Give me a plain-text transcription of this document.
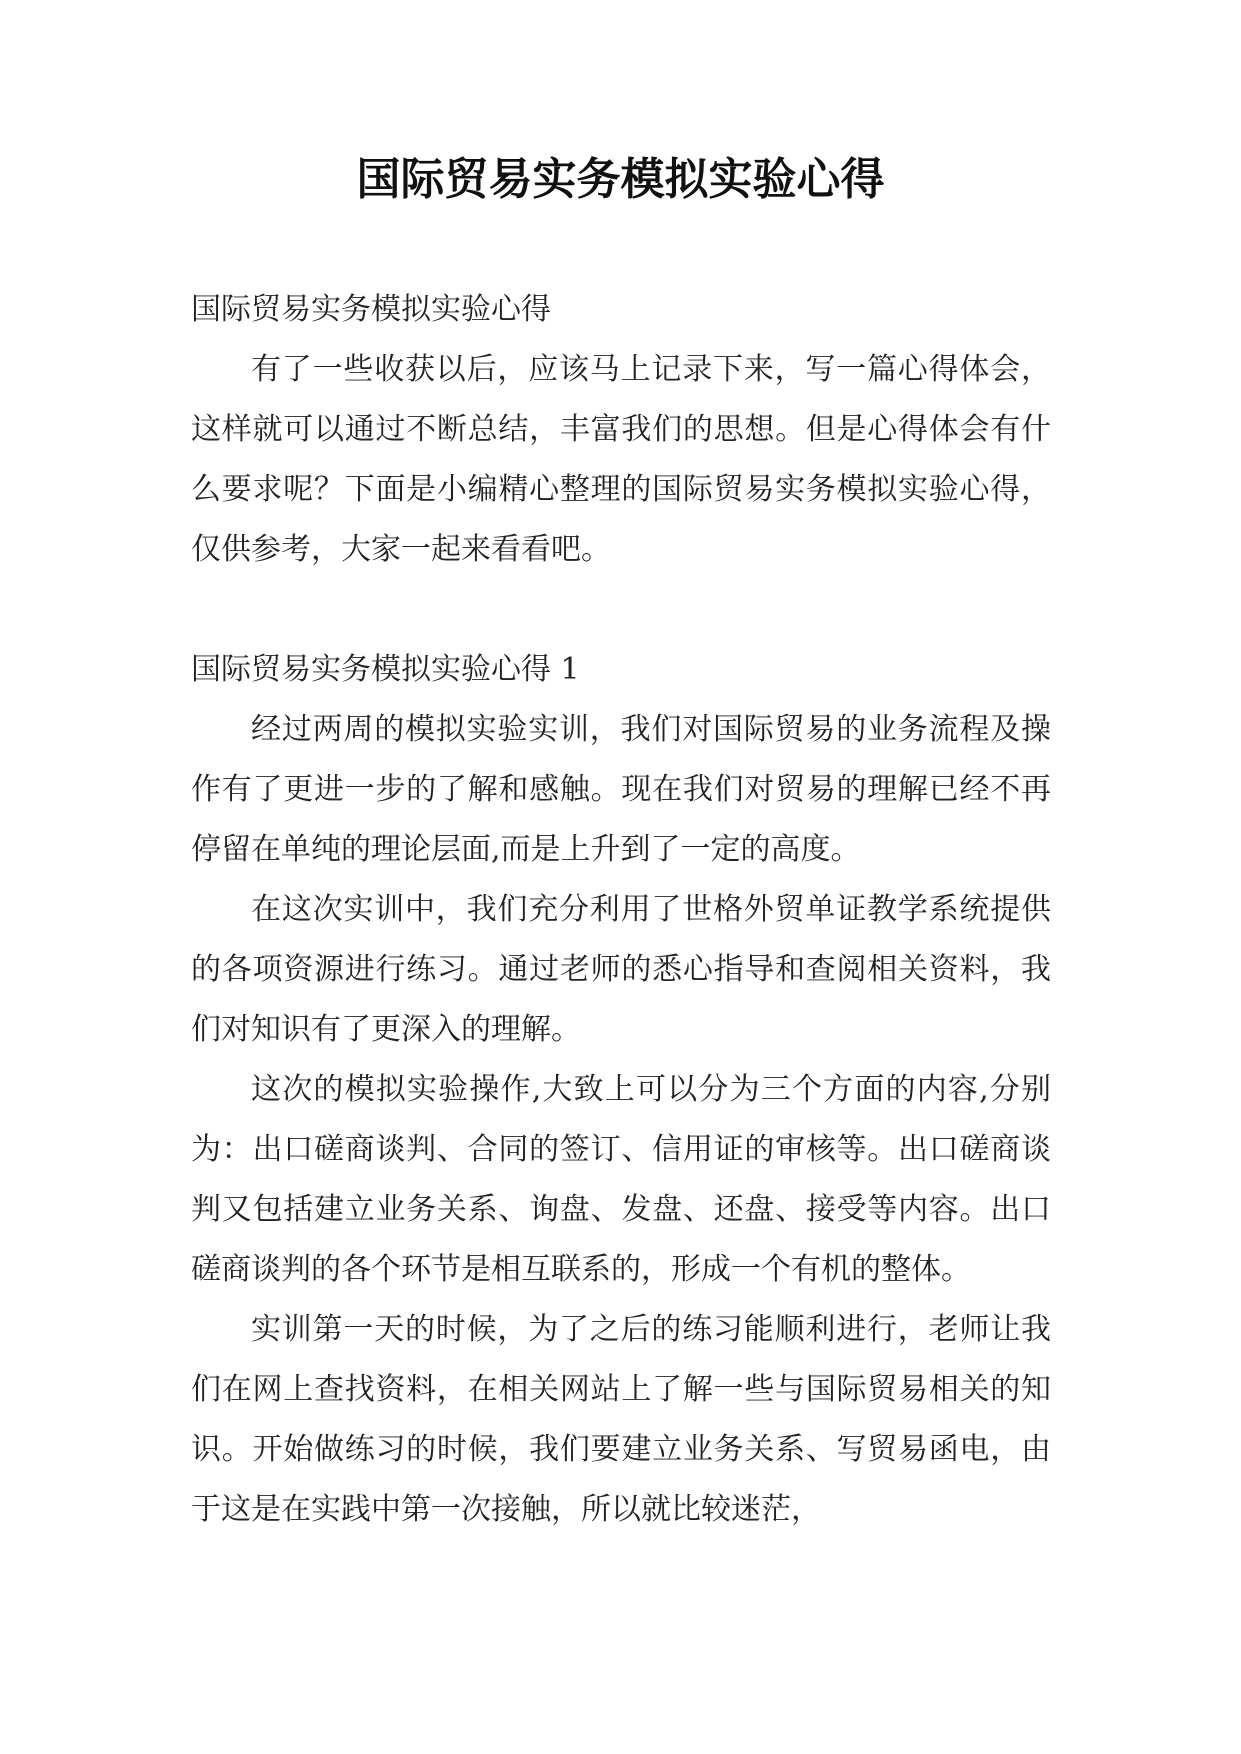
国际贸易实务模拟实验心得

国际贸易实务模拟实验心得

有了一些收获以后，应该马上记录下来，写一篇心得体会，这样就可以通过不断总结，丰富我们的思想。但是心得体会有什么要求呢？下面是小编精心整理的国际贸易实务模拟实验心得，仅供参考，大家一起来看看吧。

国际贸易实务模拟实验心得 1

经过两周的模拟实验实训，我们对国际贸易的业务流程及操作有了更进一步的了解和感触。现在我们对贸易的理解已经不再停留在单纯的理论层面,而是上升到了一定的高度。

在这次实训中，我们充分利用了世格外贸单证教学系统提供的各项资源进行练习。通过老师的悉心指导和查阅相关资料，我们对知识有了更深入的理解。

这次的模拟实验操作,大致上可以分为三个方面的内容,分别为：出口磋商谈判、合同的签订、信用证的审核等。出口磋商谈判又包括建立业务关系、询盘、发盘、还盘、接受等内容。出口磋商谈判的各个环节是相互联系的，形成一个有机的整体。

实训第一天的时候，为了之后的练习能顺利进行，老师让我们在网上查找资料，在相关网站上了解一些与国际贸易相关的知识。开始做练习的时候，我们要建立业务关系、写贸易函电，由于这是在实践中第一次接触，所以就比较迷茫，
